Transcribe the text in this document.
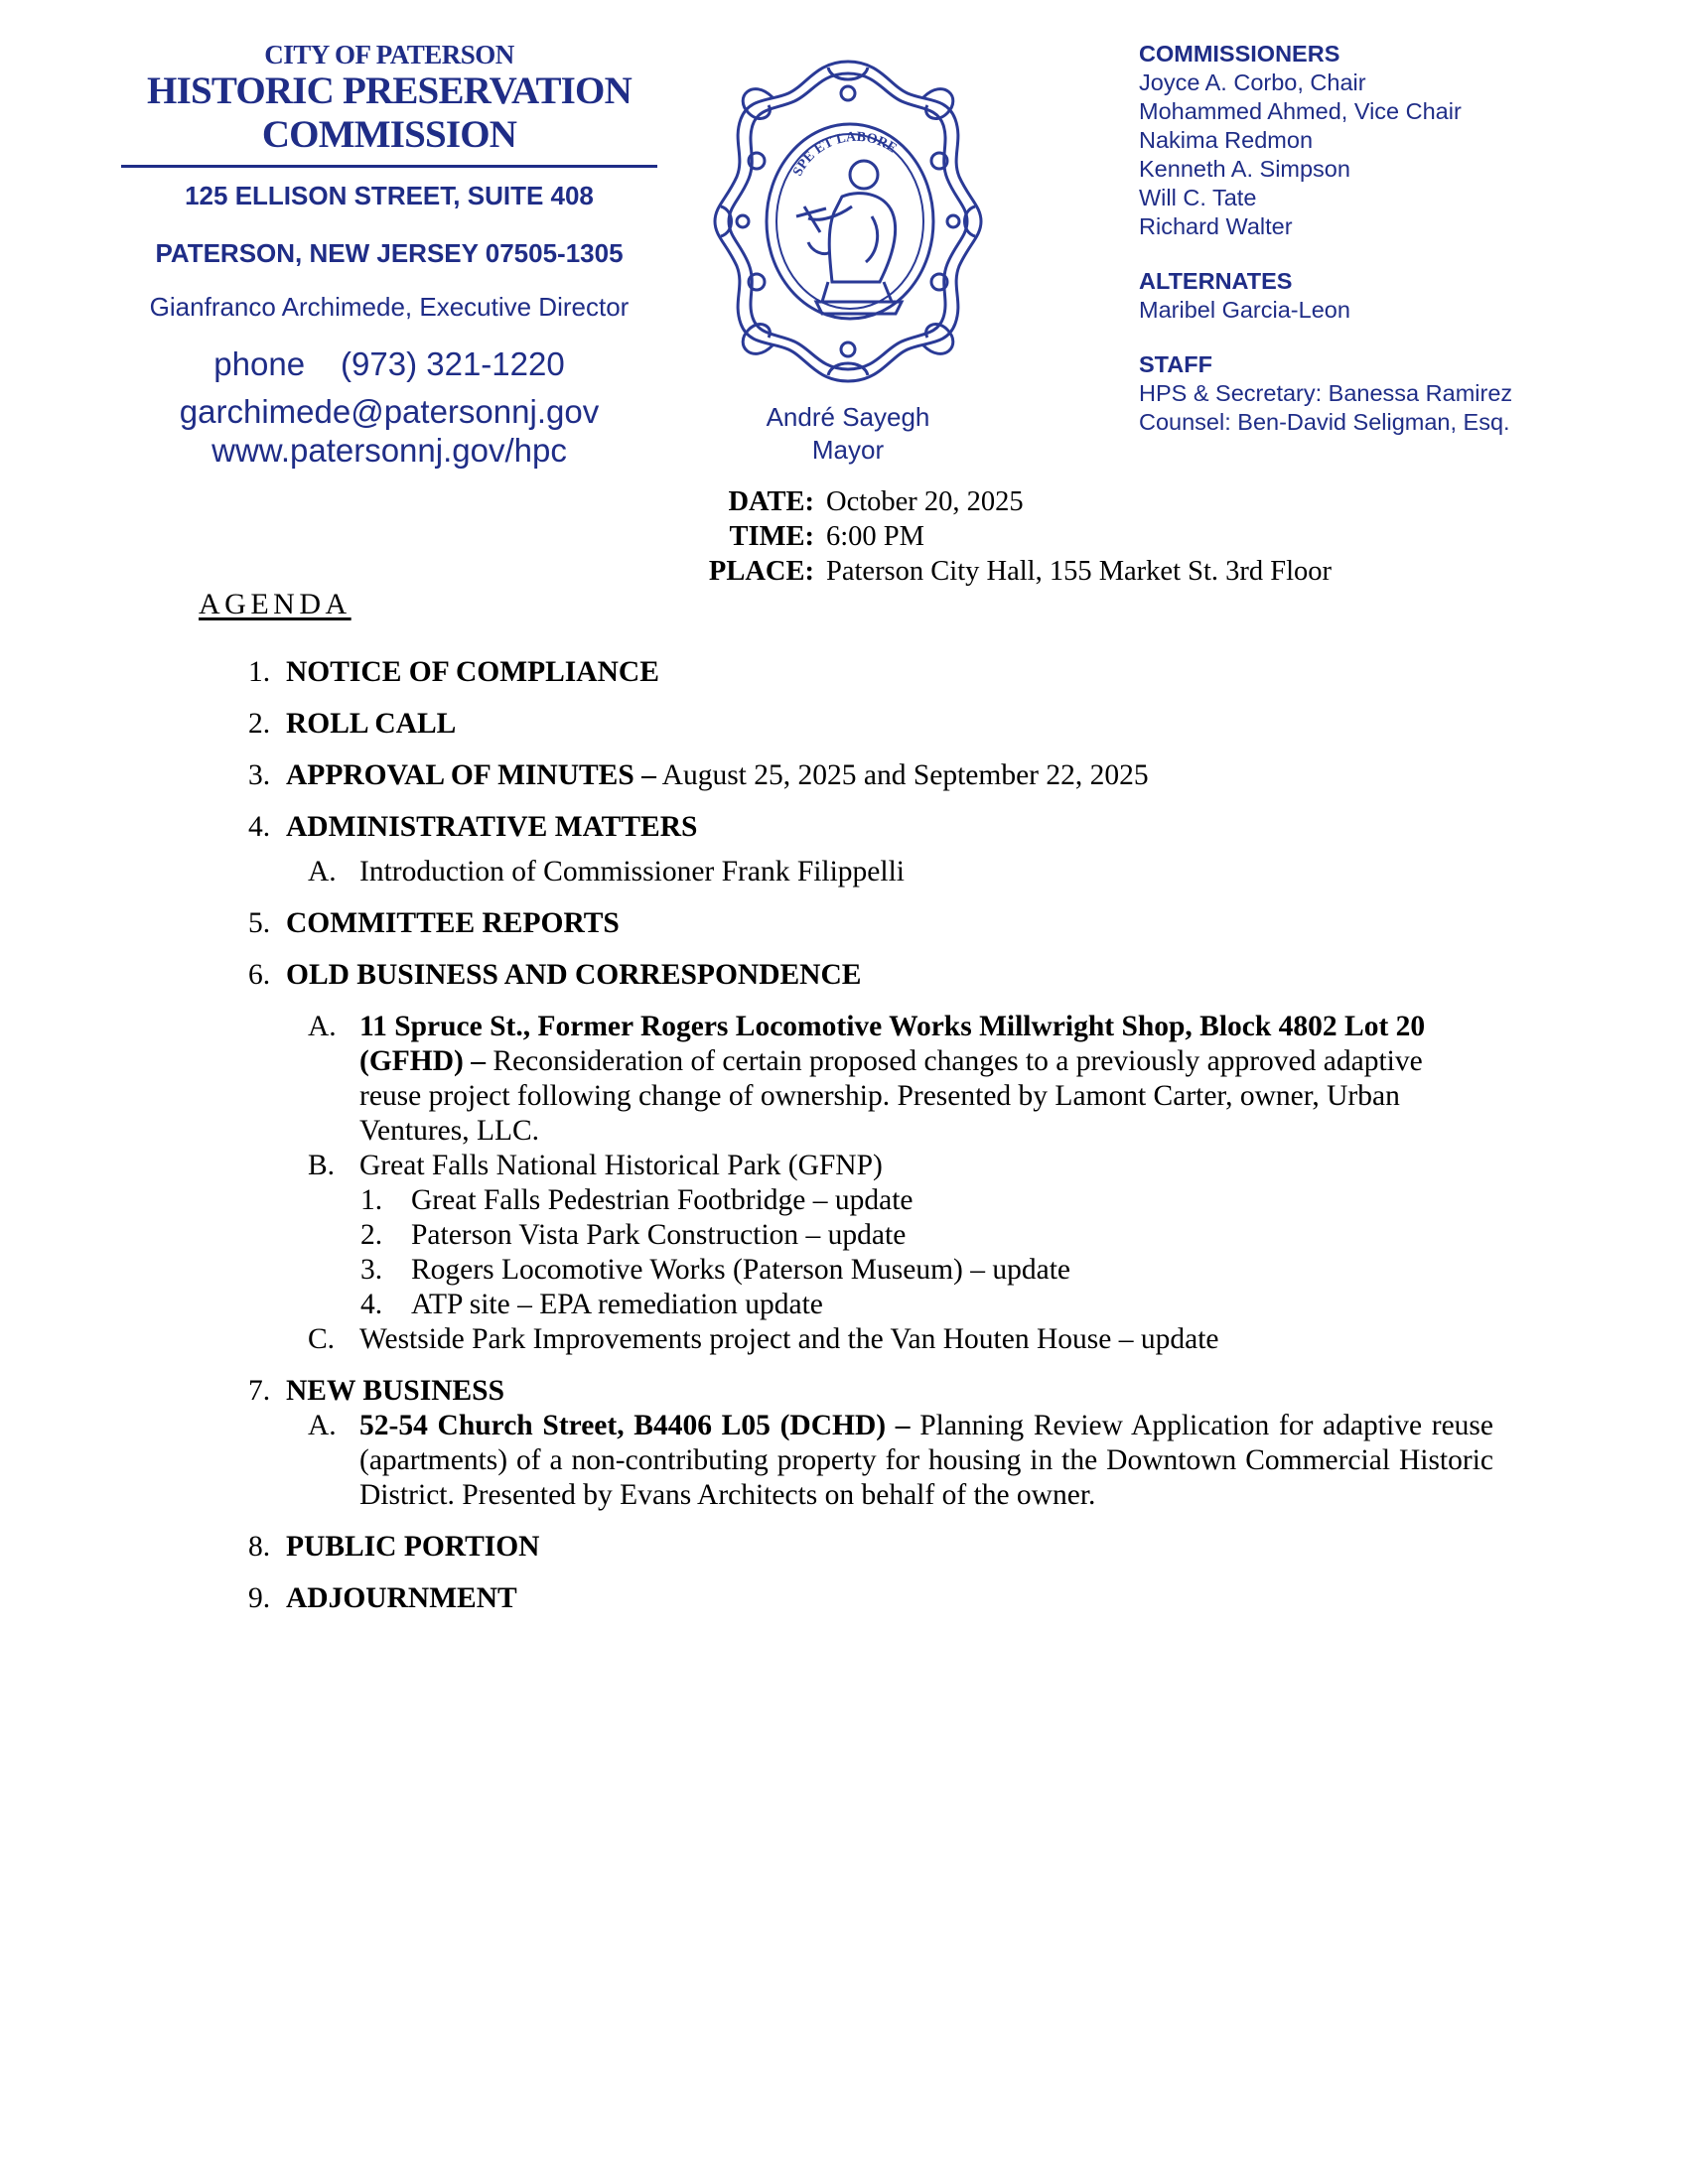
CITY OF PATERSON
HISTORIC PRESERVATION
COMMISSION
125 ELLISON STREET, SUITE 408
PATERSON, NEW JERSEY 07505-1305
Gianfranco Archimede, Executive Director
phone (973) 321-1220
garchimede@patersonnj.gov
www.patersonnj.gov/hpc
SPE ET LABORE
André Sayegh
Mayor
COMMISSIONERS
Joyce A. Corbo, Chair
Mohammed Ahmed, Vice Chair
Nakima Redmon
Kenneth A. Simpson
Will C. Tate
Richard Walter
ALTERNATES
Maribel Garcia-Leon
STAFF
HPS & Secretary: Banessa Ramirez
Counsel: Ben-David Seligman, Esq.
DATE: October 20, 2025
TIME: 6:00 PM
PLACE: Paterson City Hall, 155 Market St. 3rd Floor
AGENDA
1. NOTICE OF COMPLIANCE
2. ROLL CALL
3. APPROVAL OF MINUTES – August 25, 2025 and September 22, 2025
4. ADMINISTRATIVE MATTERS
A. Introduction of Commissioner Frank Filippelli
5. COMMITTEE REPORTS
6. OLD BUSINESS AND CORRESPONDENCE
A. 11 Spruce St., Former Rogers Locomotive Works Millwright Shop, Block 4802 Lot 20 (GFHD) – Reconsideration of certain proposed changes to a previously approved adaptive reuse project following change of ownership. Presented by Lamont Carter, owner, Urban Ventures, LLC.
B. Great Falls National Historical Park (GFNP)
1. Great Falls Pedestrian Footbridge – update
2. Paterson Vista Park Construction – update
3. Rogers Locomotive Works (Paterson Museum) – update
4. ATP site – EPA remediation update
C. Westside Park Improvements project and the Van Houten House – update
7. NEW BUSINESS
A. 52-54 Church Street, B4406 L05 (DCHD) – Planning Review Application for adaptive reuse (apartments) of a non-contributing property for housing in the Downtown Commercial Historic District. Presented by Evans Architects on behalf of the owner.
8. PUBLIC PORTION
9. ADJOURNMENT
